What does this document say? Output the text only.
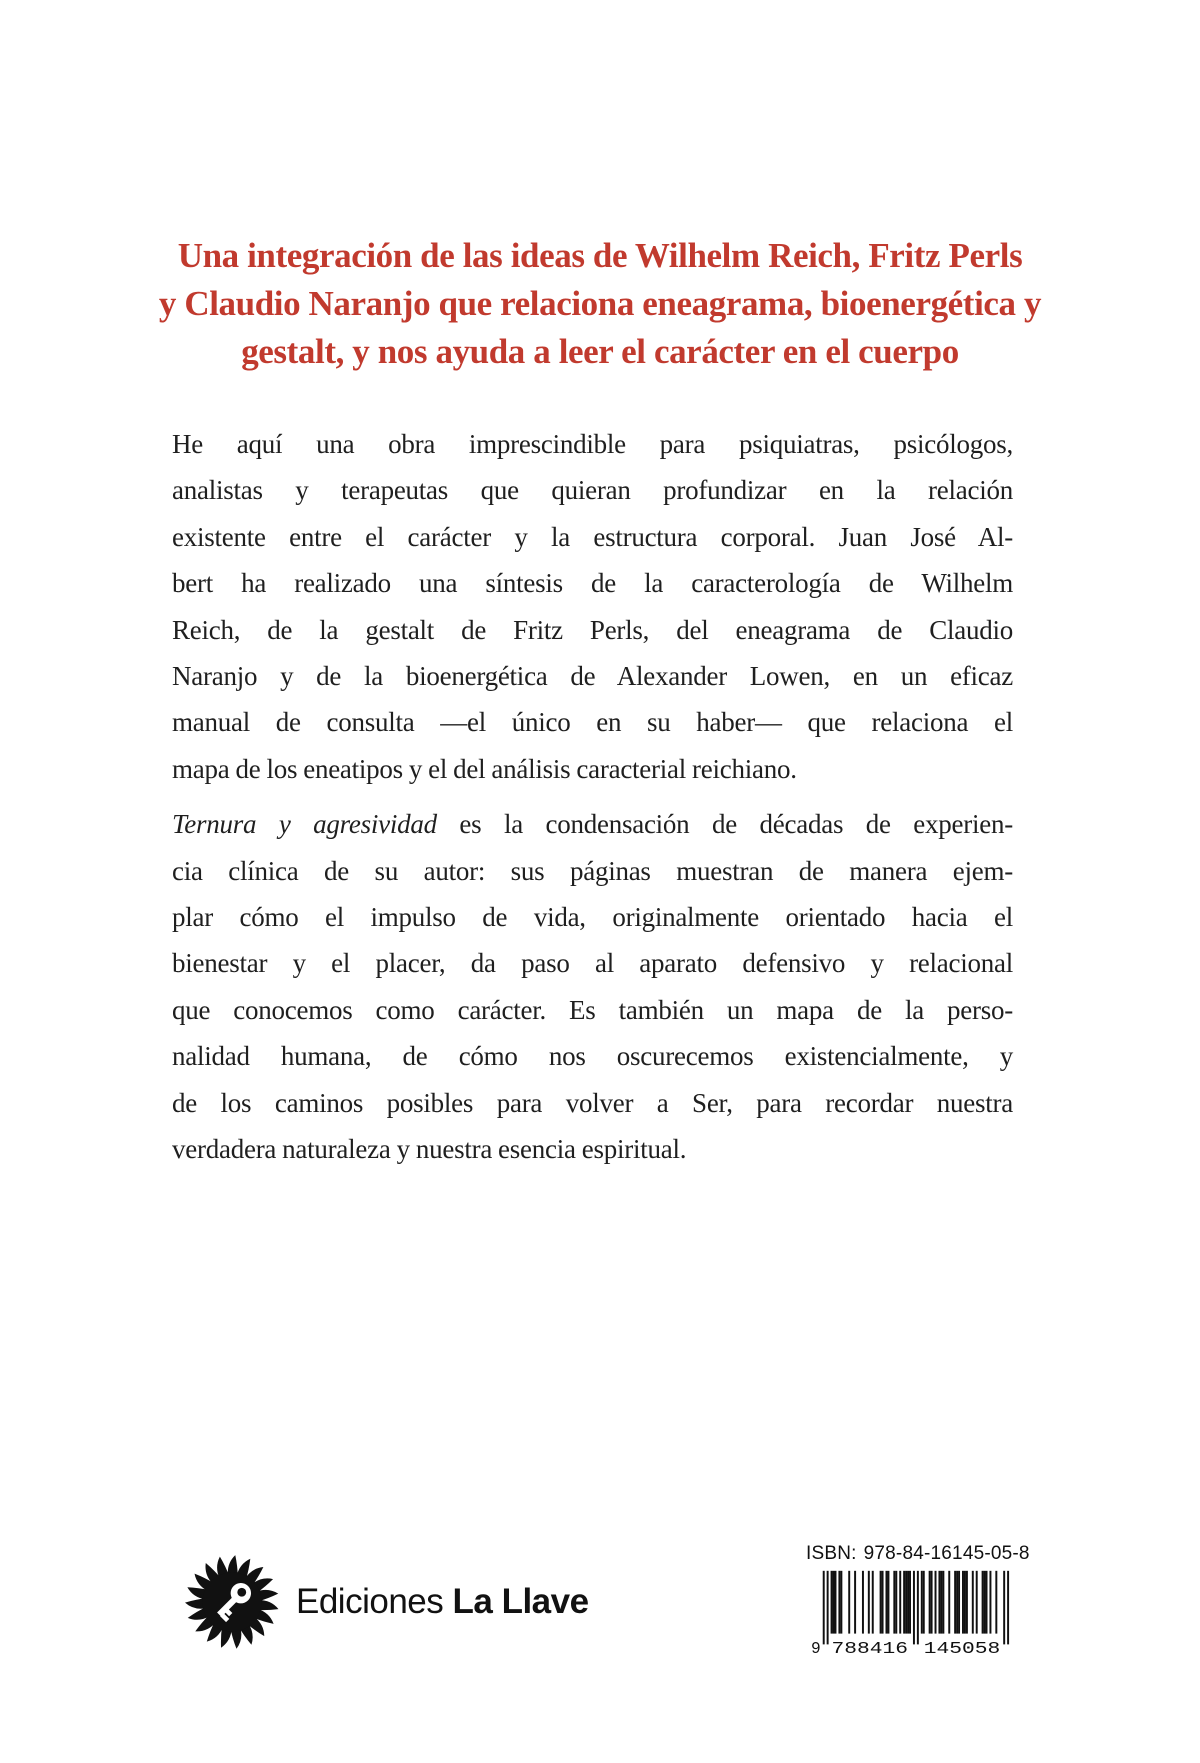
Una integración de las ideas de Wilhelm Reich, Fritz Perls
y Claudio Naranjo que relaciona eneagrama, bioenergética y
gestalt, y nos ayuda a leer el carácter en el cuerpo
He aquí una obra imprescindible para psiquiatras, psicólogos,
analistas y terapeutas que quieran profundizar en la relación
existente entre el carácter y la estructura corporal. Juan José Al-
bert ha realizado una síntesis de la caracterología de Wilhelm
Reich, de la gestalt de Fritz Perls, del eneagrama de Claudio
Naranjo y de la bioenergética de Alexander Lowen, en un eficaz
manual de consulta —el único en su haber— que relaciona el
mapa de los eneatipos y el del análisis caracterial reichiano.
Ternura y agresividad es la condensación de décadas de experien-
cia clínica de su autor: sus páginas muestran de manera ejem-
plar cómo el impulso de vida, originalmente orientado hacia el
bienestar y el placer, da paso al aparato defensivo y relacional
que conocemos como carácter. Es también un mapa de la perso-
nalidad humana, de cómo nos oscurecemos existencialmente, y
de los caminos posibles para volver a Ser, para recordar nuestra
verdadera naturaleza y nuestra esencia espiritual.
Ediciones La Llave

ISBN: 978-84-16145-05-8

9 788416 145058
